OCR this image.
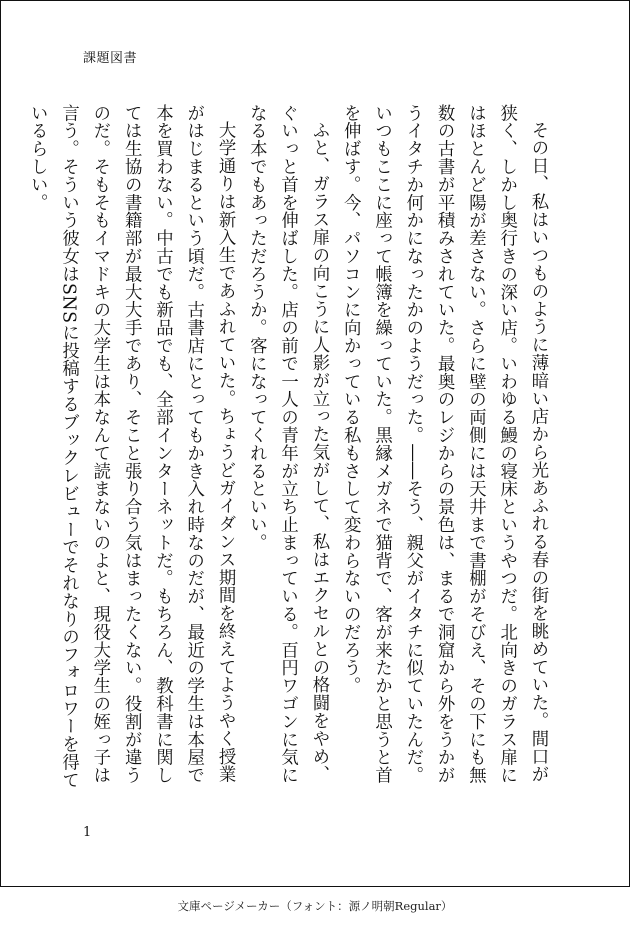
課題図書

その日、私はいつものように薄暗い店から光あふれる春の街を眺めていた。間口が狭く、しかし奥行きの深い店。いわゆる鰻の寝床というやつだ。北向きのガラス扉にはほとんど陽が差さない。さらに壁の両側には天井まで書棚がそびえ、その下にも無数の古書が平積みされていた。最奥のレジからの景色は、まるで洞窟から外をうかがうイタチか何かになったかのようだった。――そう、親父がイタチに似ていたんだ。いつもここに座って帳簿を繰っていた。黒縁メガネで猫背で、客が来たかと思うと首を伸ばす。今、パソコンに向かっている私もさして変わらないのだろう。

ふと、ガラス扉の向こうに人影が立った気がして、私はエクセルとの格闘をやめ、ぐいっと首を伸ばした。店の前で一人の青年が立ち止まっている。百円ワゴンに気になる本でもあっただろうか。客になってくれるといい。

大学通りは新入生であふれていた。ちょうどガイダンス期間を終えてようやく授業がはじまるという頃だ。古書店にとってもかき入れ時なのだが、最近の学生は本屋で本を買わない。中古でも新品でも、全部インターネットだ。もちろん、教科書に関しては生協の書籍部が最大大手であり、そこと張り合う気はまったくない。役割が違うのだ。そもそもイマドキの大学生は本なんて読まないのよと、現役大学生の姪っ子は言う。そういう彼女はSNSに投稿するブックレビューでそれなりのフォロワーを得ているらしい。

1
文庫ページメーカー（フォント：源ノ明朝Regular）
